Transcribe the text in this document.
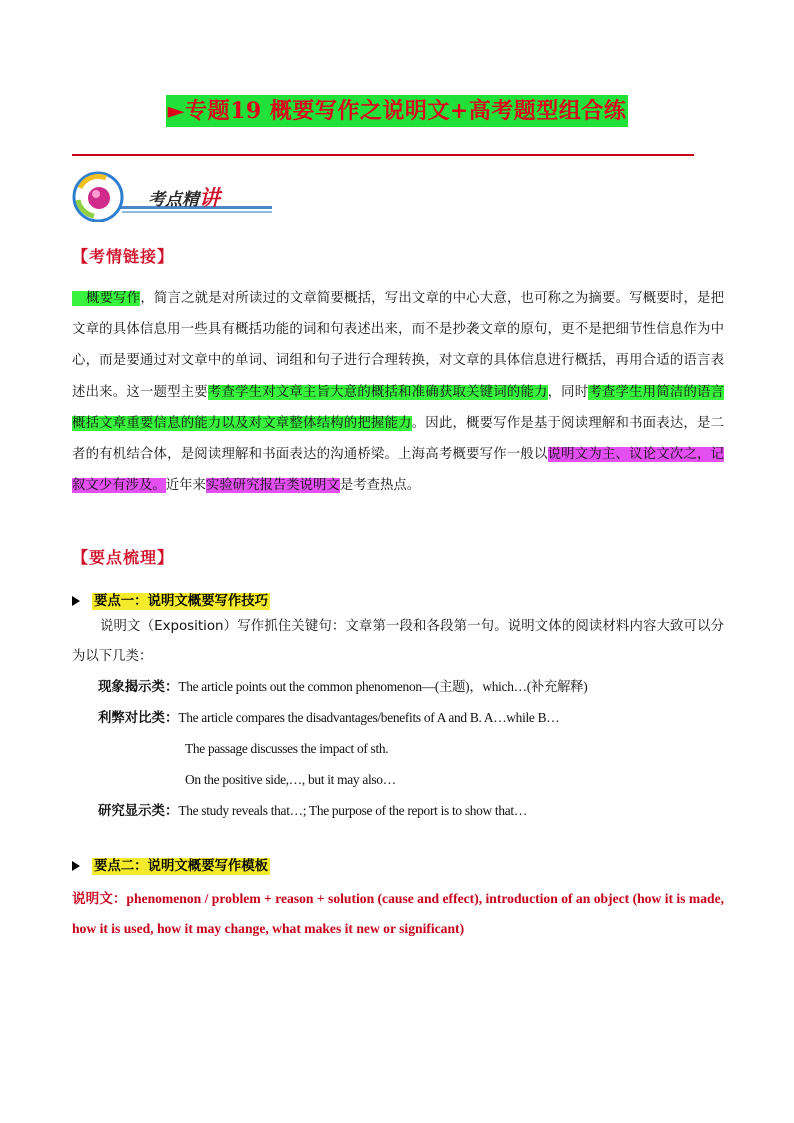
►专题19 概要写作之说明文+高考题型组合练
考点精讲
【考情链接】
概要写作，简言之就是对所读过的文章简要概括，写出文章的中心大意，也可称之为摘要。写概要时，是把文章的具体信息用一些具有概括功能的词和句表述出来，而不是抄袭文章的原句，更不是把细节性信息作为中心，而是要通过对文章中的单词、词组和句子进行合理转换，对文章的具体信息进行概括，再用合适的语言表述出来。这一题型主要考查学生对文章主旨大意的概括和准确获取关键词的能力，同时考查学生用简洁的语言概括文章重要信息的能力以及对文章整体结构的把握能力。因此，概要写作是基于阅读理解和书面表达，是二者的有机结合体，是阅读理解和书面表达的沟通桥梁。上海高考概要写作一般以说明文为主、议论文次之，记叙文少有涉及。近年来实验研究报告类说明文是考查热点。
【要点梳理】
要点一：说明文概要写作技巧
说明文（Exposition）写作抓住关键句：文章第一段和各段第一句。说明文体的阅读材料内容大致可以分为以下几类：
现象揭示类：The article points out the common phenomenon—(主题)，which…(补充解释)
利弊对比类：The article compares the disadvantages/benefits of A and B. A…while B…
The passage discusses the impact of sth.
On the positive side,…, but it may also…
研究显示类：The study reveals that…; The purpose of the report is to show that…
要点二：说明文概要写作模板
说明文：phenomenon / problem + reason + solution (cause and effect), introduction of an object (how it is made, how it is used, how it may change, what makes it new or significant)
